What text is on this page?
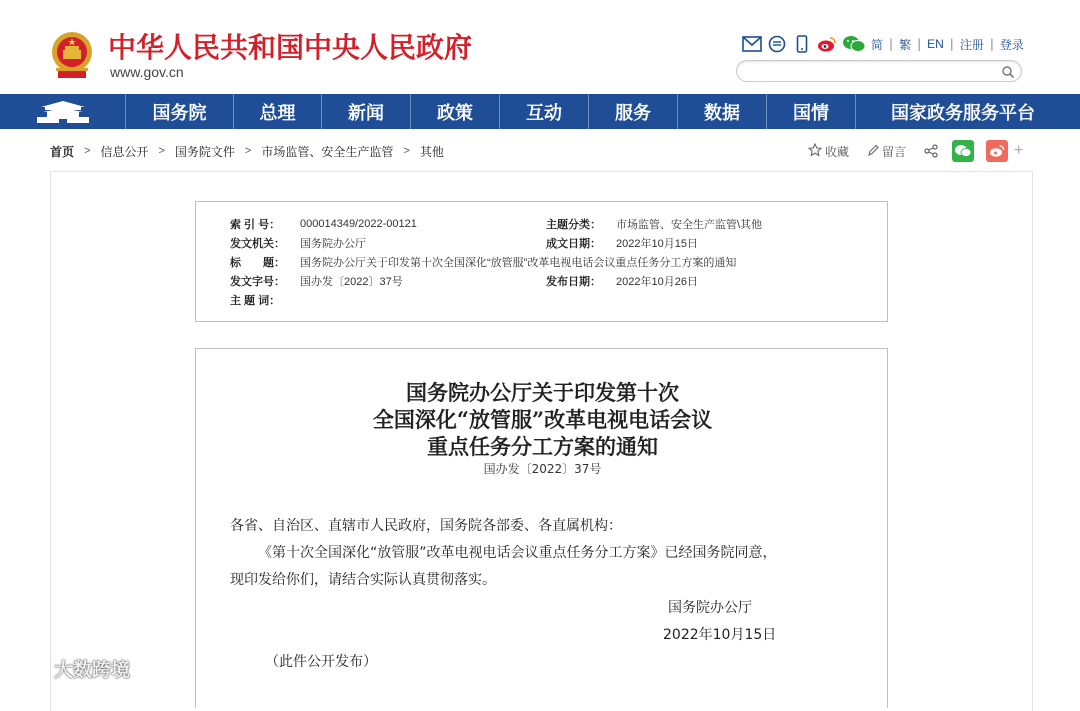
中华人民共和国中央人民政府
www.gov.cn
简 | 繁 | EN | 注册 | 登录
国务院	总理	新闻	政策	互动	服务	数据	国情	国家政务服务平台
首页 > 信息公开 > 国务院文件 > 市场监管、安全生产监管 > 其他	收藏	留言	+
索 引 号：	000014349/2022-00121	主题分类：	市场监管、安全生产监管\其他
发文机关：	国务院办公厅	成文日期：	2022年10月15日
标　　题：	国务院办公厅关于印发第十次全国深化“放管服”改革电视电话会议重点任务分工方案的通知
发文字号：	国办发〔2022〕37号	发布日期：	2022年10月26日
主 题 词：
国务院办公厅关于印发第十次
全国深化“放管服”改革电视电话会议
重点任务分工方案的通知
国办发〔2022〕37号
各省、自治区、直辖市人民政府，国务院各部委、各直属机构：
《第十次全国深化“放管服”改革电视电话会议重点任务分工方案》已经国务院同意，
现印发给你们，请结合实际认真贯彻落实。
国务院办公厅
2022年10月15日
（此件公开发布）
大数跨境
